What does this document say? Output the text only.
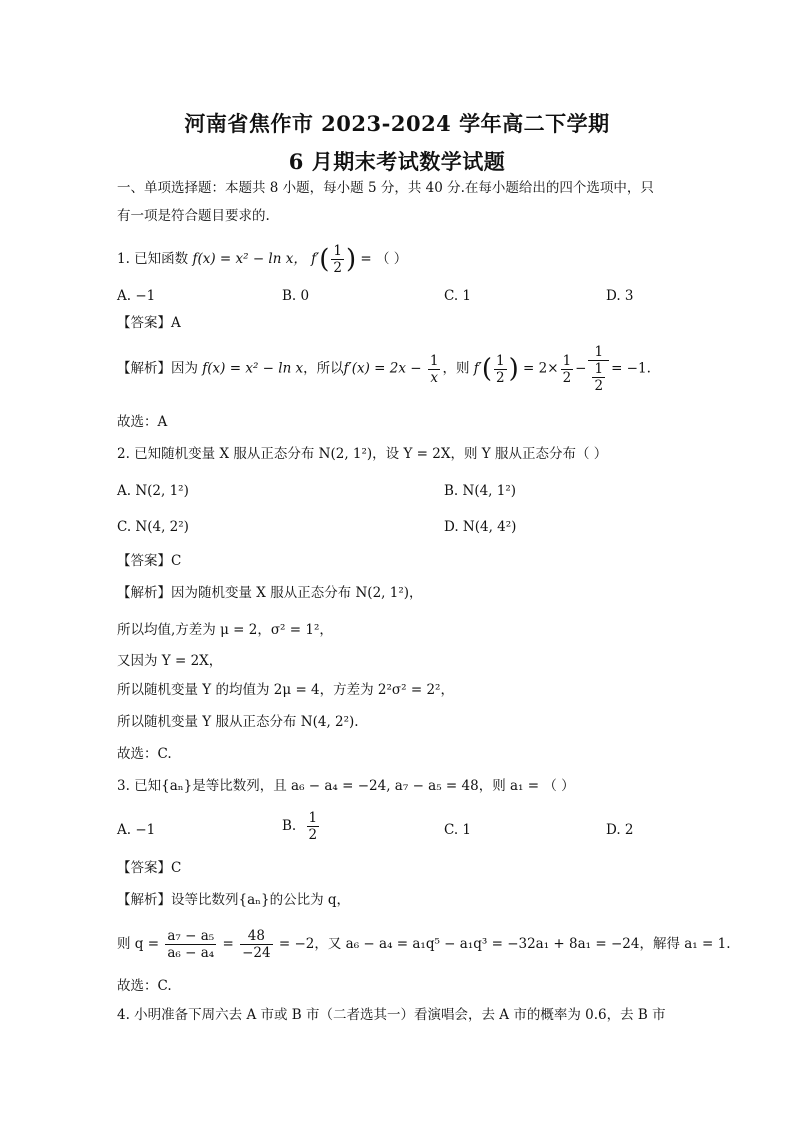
河南省焦作市 2023-2024 学年高二下学期
6 月期末考试数学试题
一、单项选择题：本题共 8 小题，每小题 5 分，共 40 分.在每小题给出的四个选项中，只
有一项是符合题目要求的.
1. 已知函数 f(x) = x² − ln x， $f'( \frac{1}{2}$ ) = （ ）
A. −1	B. 0	C. 1	D. 3
【答案】A
【解析】因为 f(x) = x² − ln x，所以$f'(x) = 2x - \frac{1}{x}$ ，则 $f'( \frac{1}{2}$ ) = $2\times \frac{1}{2} - \frac{1}{\frac{1}{2}} = -1$.
故选：A
2. 已知随机变量 X 服从正态分布 N(2, 1²)，设 Y = 2X，则 Y 服从正态分布（ ）
A. N(2, 1²)	B. N(4, 1²)
C. N(4, 2²)	D. N(4, 4²)
【答案】C
【解析】因为随机变量 X 服从正态分布 N(2, 1²)，
所以均值,方差为 μ = 2，σ² = 1²，
又因为 Y = 2X，
所以随机变量 Y 的均值为 2μ = 4，方差为 2²σ² = 2²，
所以随机变量 Y 服从正态分布 N(4, 2²).
故选：C.
3. 已知{aₙ}是等比数列，且 a₆ − a₄ = −24, a₇ − a₅ = 48，则 a₁ = （ ）
A. −1	B. $\frac{1}{2}$	C. 1	D. 2
【答案】C
【解析】设等比数列{aₙ}的公比为 q，
则 $q = \frac{\text{a₇ − a₅}}{\text{a₆ − a₄}} = \frac{48}{-24} = -2$，又 a₆ − a₄ = a₁q⁵ − a₁q³ = −32a₁ + 8a₁ = −24，解得 a₁ = 1.
故选：C.
4. 小明准备下周六去 A 市或 B 市（二者选其一）看演唱会，去 A 市的概率为 0.6，去 B 市
